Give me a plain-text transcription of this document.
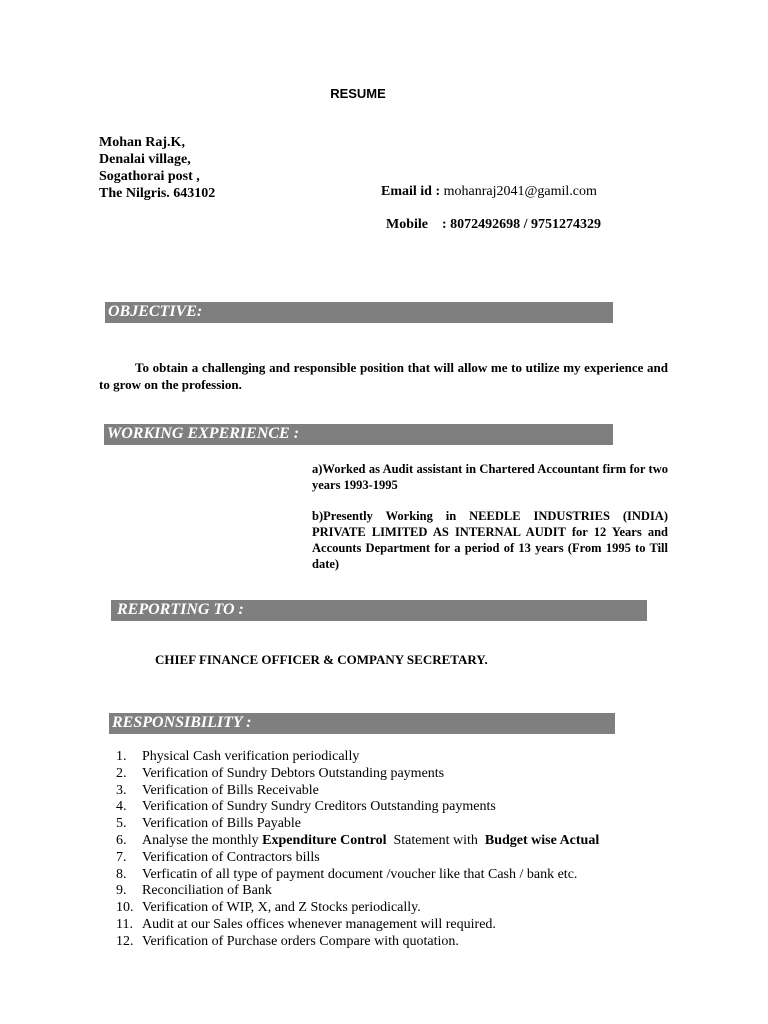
RESUME
Mohan Raj.K,
Denalai village,
Sogathorai post ,
The Nilgris. 643102	Email id : mohanraj2041@gamil.com
Mobile : 8072492698 / 9751274329
OBJECTIVE:
To obtain a challenging and responsible position that will allow me to utilize my experience and to grow on the profession.
WORKING EXPERIENCE :
a)Worked as Audit assistant in Chartered Accountant firm for two years 1993-1995
b)Presently Working in NEEDLE INDUSTRIES (INDIA) PRIVATE LIMITED AS INTERNAL AUDIT for 12 Years and Accounts Department for a period of 13 years (From 1995 to Till date)
REPORTING TO :
CHIEF FINANCE OFFICER & COMPANY SECRETARY.
RESPONSIBILITY :
1. Physical Cash verification periodically
2. Verification of Sundry Debtors Outstanding payments
3. Verification of Bills Receivable
4. Verification of Sundry Sundry Creditors Outstanding payments
5. Verification of Bills Payable
6. Analyse the monthly Expenditure Control  Statement with  Budget wise Actual
7. Verification of Contractors bills
8. Verficatin of all type of payment document /voucher like that Cash / bank etc.
9. Reconciliation of Bank
10. Verification of WIP, X, and Z Stocks periodically.
11. Audit at our Sales offices whenever management will required.
12. Verification of Purchase orders Compare with quotation.
